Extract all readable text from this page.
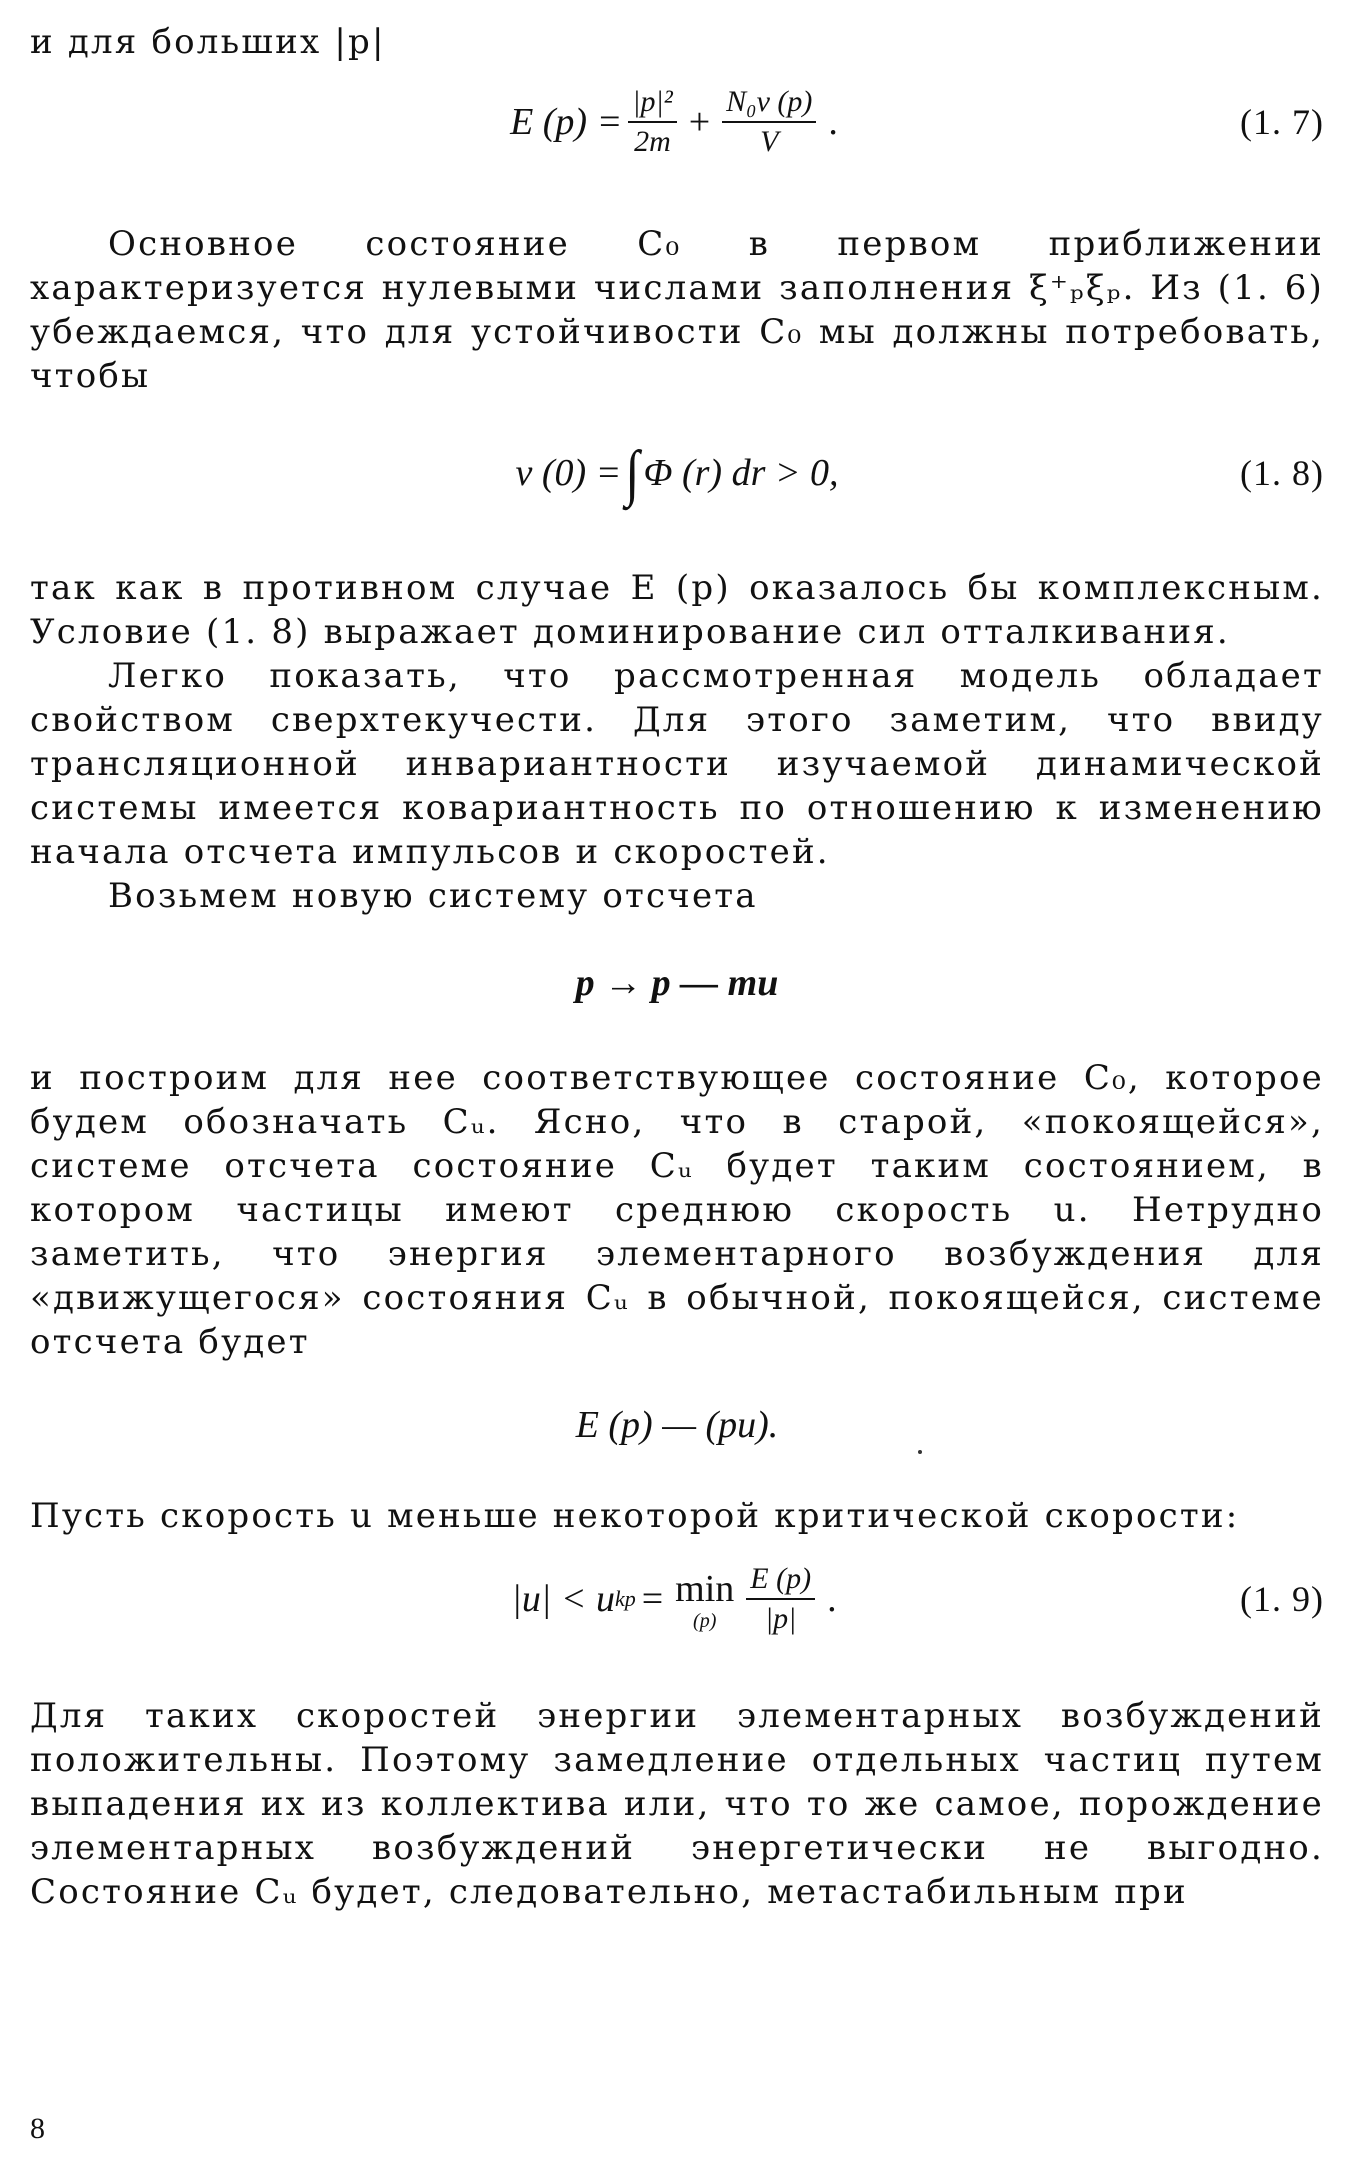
и для больших |p|

E $(p) = \frac{\text{|p|²}}{2m} + \frac{\text{N₀ν (p)}}{V}$ .	(1. 7)

Основное состояние C₀ в первом приближении характеризуется нулевыми числами заполнения ξ⁺ₚξₚ. Из (1. 6) убеждаемся, что для устойчивости C₀ мы должны потребовать, чтобы

ν (0) = ∫ Φ (r) dr > 0,	(1. 8)

так как в противном случае E (p) оказалось бы комплексным. Условие (1. 8) выражает доминирование сил отталкивания.

Легко показать, что рассмотренная модель обладает свойством сверхтекучести. Для этого заметим, что ввиду трансляционной инвариантности изучаемой динамической системы имеется ковариантность по отношению к изменению начала отсчета импульсов и скоростей.

Возьмем новую систему отсчета

p → p — mu

и построим для нее соответствующее состояние C₀, которое будем обозначать Cᵤ. Ясно, что в старой, «покоящейся», системе отсчета состояние Cᵤ будет таким состоянием, в котором частицы имеют среднюю скорость u. Нетрудно заметить, что энергия элементарного возбуждения для «движущегося» состояния Cᵤ в обычной, покоящейся, системе отсчета будет

E (p) — (pu).

Пусть скорость u меньше некоторой критической скорости:

|u| < u kp = min
$(p) \frac{E (p)}{|p|}$ .	(1. 9)

Для таких скоростей энергии элементарных возбуждений положительны. Поэтому замедление отдельных частиц путем выпадения их из коллектива или, что то же самое, порождение элементарных возбуждений энергетически не выгодно. Состояние Cᵤ будет, следовательно, метастабильным при

8
